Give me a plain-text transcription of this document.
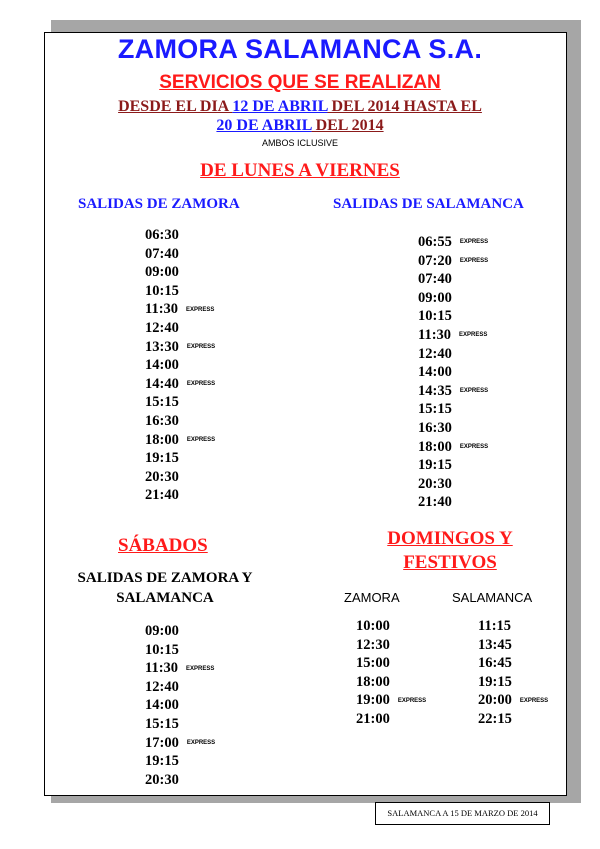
ZAMORA SALAMANCA S.A.
SERVICIOS QUE SE REALIZAN
DESDE EL DIA 12 DE ABRIL DEL 2014 HASTA EL
20 DE ABRIL DEL 2014
AMBOS ICLUSIVE
DE LUNES A VIERNES
SALIDAS DE ZAMORA	SALIDAS DE SALAMANCA
06:30
07:40
09:00
10:15
11:30 EXPRESS
12:40
13:30 EXPRESS
14:00
14:40 EXPRESS
15:15
16:30
18:00 EXPRESS
19:15
20:30
21:40
06:55 EXPRESS
07:20 EXPRESS
07:40
09:00
10:15
11:30 EXPRESS
12:40
14:00
14:35 EXPRESS
15:15
16:30
18:00 EXPRESS
19:15
20:30
21:40
SÁBADOS
SALIDAS DE ZAMORA Y
SALAMANCA
09:00
10:15
11:30 EXPRESS
12:40
14:00
15:15
17:00 EXPRESS
19:15
20:30
DOMINGOS Y
FESTIVOS
ZAMORA	SALAMANCA
10:00
12:30
15:00
18:00
19:00 EXPRESS
21:00
11:15
13:45
16:45
19:15
20:00 EXPRESS
22:15
SALAMANCA A 15 DE MARZO DE 2014
